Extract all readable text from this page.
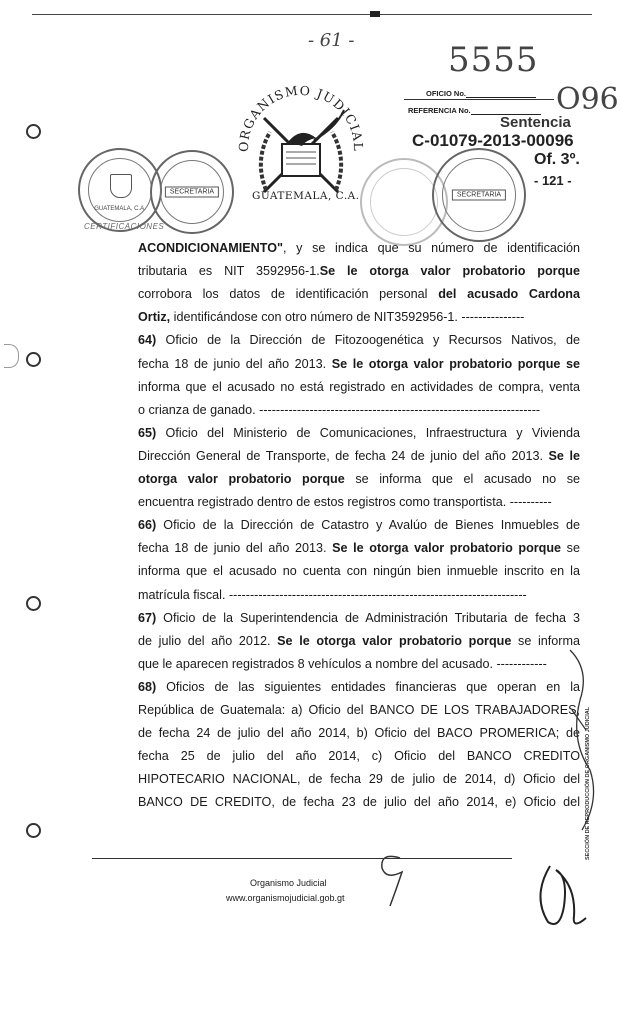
- 61 -	5555
ORGANISMO JUDICIAL
GUATEMALA, C.A.
GUATEMALA, C.A.
SECRETARIA
CERTIFICACIONES
SECRETARIA
OFICIO No.
REFERENCIA No.	O96
Sentencia
C-01079-2013-00096
Of. 3º.
- 121 -
ACONDICIONAMIENTO", y se indica que su número de identificación
tributaria es NIT 3592956-1.Se le otorga valor probatorio porque
corrobora los datos de identificación personal del acusado Cardona
Ortiz, identificándose con otro número de NIT3592956-1. ---------------
64) Oficio de la Dirección de Fitozoogenética y Recursos Nativos, de
fecha 18 de junio del año 2013. Se le otorga valor probatorio porque se
informa que el acusado no está registrado en actividades de compra, venta
o crianza de ganado. -------------------------------------------------------------------
65) Oficio del Ministerio de Comunicaciones, Infraestructura y Vivienda
Dirección General de Transporte, de fecha 24 de junio del año 2013. Se le
otorga valor probatorio porque se informa que el acusado no se
encuentra registrado dentro de estos registros como transportista. ----------
66) Oficio de la Dirección de Catastro y Avalúo de Bienes Inmuebles de
fecha 18 de junio del año 2013. Se le otorga valor probatorio porque se
informa que el acusado no cuenta con ningún bien inmueble inscrito en la
matrícula fiscal. -----------------------------------------------------------------------
67) Oficio de la Superintendencia de Administración Tributaria de fecha 3
de julio del año 2012. Se le otorga valor probatorio porque se informa
que le aparecen registrados 8 vehículos a nombre del acusado. ------------
68) Oficios de las siguientes entidades financieras que operan en la
República de Guatemala: a) Oficio del BANCO DE LOS TRABAJADORES;
de fecha 24 de julio del año 2014, b) Oficio del BACO PROMERICA; de
fecha 25 de julio del año 2014, c) Oficio del BANCO CREDITO
HIPOTECARIO NACIONAL, de fecha 29 de julio de 2014, d) Oficio del
BANCO DE CREDITO, de fecha 23 de julio del año 2014, e) Oficio del SECCIÓN DE REPRODUCCIÓN DE ORGANISMO JUDICIAL
Organismo Judicial
www.organismojudicial.gob.gt
